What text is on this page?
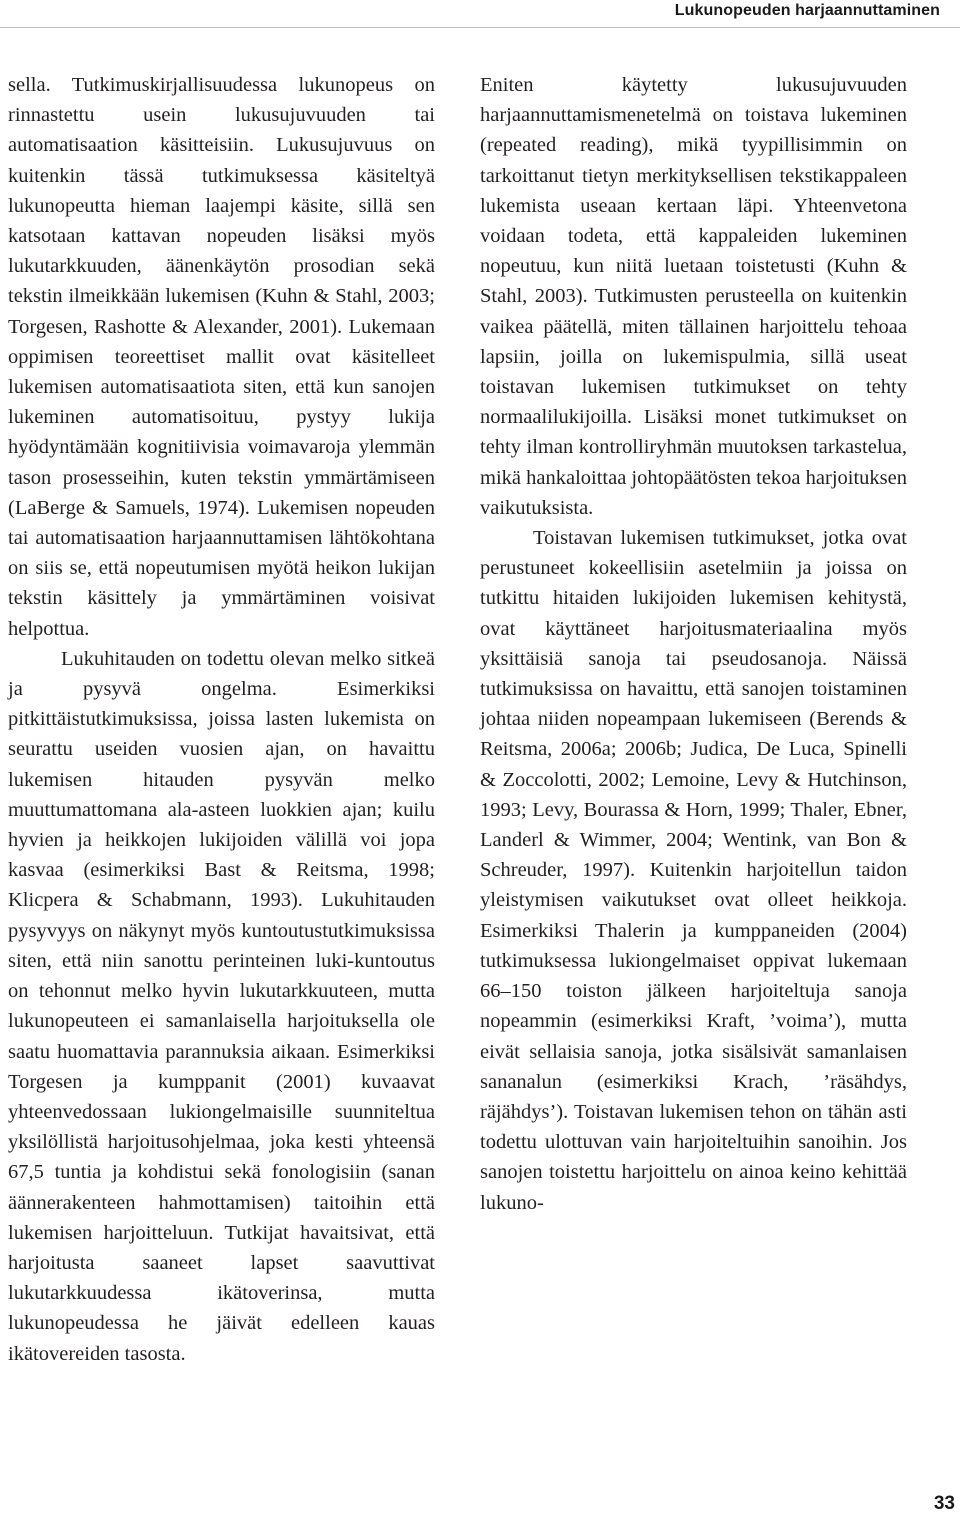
Lukunopeuden harjaannuttaminen

sella. Tutkimuskirjallisuudessa lukunopeus on rinnastettu usein lukusujuvuuden tai automatisaation käsitteisiin. Lukusujuvuus on kuitenkin tässä tutkimuksessa käsiteltyä lukunopeutta hieman laajempi käsite, sillä sen katsotaan kattavan nopeuden lisäksi myös lukutarkkuuden, äänenkäytön prosodian sekä tekstin ilmeikkään lukemisen (Kuhn & Stahl, 2003; Torgesen, Rashotte & Alexander, 2001). Lukemaan oppimisen teoreettiset mallit ovat käsitelleet lukemisen automatisaatiota siten, että kun sanojen lukeminen automatisoituu, pystyy lukija hyödyntämään kognitiivisia voimavaroja ylemmän tason prosesseihin, kuten tekstin ymmärtämiseen (LaBerge & Samuels, 1974). Lukemisen nopeuden tai automatisaation harjaannuttamisen lähtökohtana on siis se, että nopeutumisen myötä heikon lukijan tekstin käsittely ja ymmärtäminen voisivat helpottua.

Lukuhitauden on todettu olevan melko sitkeä ja pysyvä ongelma. Esimerkiksi pitkittäistutkimuksissa, joissa lasten lukemista on seurattu useiden vuosien ajan, on havaittu lukemisen hitauden pysyvän melko muuttumattomana ala-asteen luokkien ajan; kuilu hyvien ja heikkojen lukijoiden välillä voi jopa kasvaa (esimerkiksi Bast & Reitsma, 1998; Klicpera & Schabmann, 1993). Lukuhitauden pysyvyys on näkynyt myös kuntoutustutkimuksissa siten, että niin sanottu perinteinen luki-kuntoutus on tehonnut melko hyvin lukutarkkuuteen, mutta lukunopeuteen ei samanlaisella harjoituksella ole saatu huomattavia parannuksia aikaan. Esimerkiksi Torgesen ja kumppanit (2001) kuvaavat yhteenvedossaan lukiongelmaisille suunniteltua yksilöllistä harjoitusohjelmaa, joka kesti yhteensä 67,5 tuntia ja kohdistui sekä fonologisiin (sanan äännerakenteen hahmottamisen) taitoihin että lukemisen harjoitteluun. Tutkijat havaitsivat, että harjoitusta saaneet lapset saavuttivat lukutarkkuudessa ikätoverinsa, mutta lukunopeudessa he jäivät edelleen kauas ikätovereiden tasosta.

Eniten käytetty lukusujuvuuden harjaannuttamismenetelmä on toistava lukeminen (repeated reading), mikä tyypillisimmin on tarkoittanut tietyn merkityksellisen tekstikappaleen lukemista useaan kertaan läpi. Yhteenvetona voidaan todeta, että kappaleiden lukeminen nopeutuu, kun niitä luetaan toistetusti (Kuhn & Stahl, 2003). Tutkimusten perusteella on kuitenkin vaikea päätellä, miten tällainen harjoittelu tehoaa lapsiin, joilla on lukemispulmia, sillä useat toistavan lukemisen tutkimukset on tehty normaalilukijoilla. Lisäksi monet tutkimukset on tehty ilman kontrolliryhmän muutoksen tarkastelua, mikä hankaloittaa johtopäätösten tekoa harjoituksen vaikutuksista.

Toistavan lukemisen tutkimukset, jotka ovat perustuneet kokeellisiin asetelmiin ja joissa on tutkittu hitaiden lukijoiden lukemisen kehitystä, ovat käyttäneet harjoitusmateriaalina myös yksittäisiä sanoja tai pseudosanoja. Näissä tutkimuksissa on havaittu, että sanojen toistaminen johtaa niiden nopeampaan lukemiseen (Berends & Reitsma, 2006a; 2006b; Judica, De Luca, Spinelli & Zoccolotti, 2002; Lemoine, Levy & Hutchinson, 1993; Levy, Bourassa & Horn, 1999; Thaler, Ebner, Landerl & Wimmer, 2004; Wentink, van Bon & Schreuder, 1997). Kuitenkin harjoitellun taidon yleistymisen vaikutukset ovat olleet heikkoja. Esimerkiksi Thalerin ja kumppaneiden (2004) tutkimuksessa lukiongelmaiset oppivat lukemaan 66–150 toiston jälkeen harjoiteltuja sanoja nopeammin (esimerkiksi Kraft, ’voima’), mutta eivät sellaisia sanoja, jotka sisälsivät samanlaisen sananalun (esimerkiksi Krach, ’räsähdys, räjähdys’). Toistavan lukemisen tehon on tähän asti todettu ulottuvan vain harjoiteltuihin sanoihin. Jos sanojen toistettu harjoittelu on ainoa keino kehittää lukuno-

33
